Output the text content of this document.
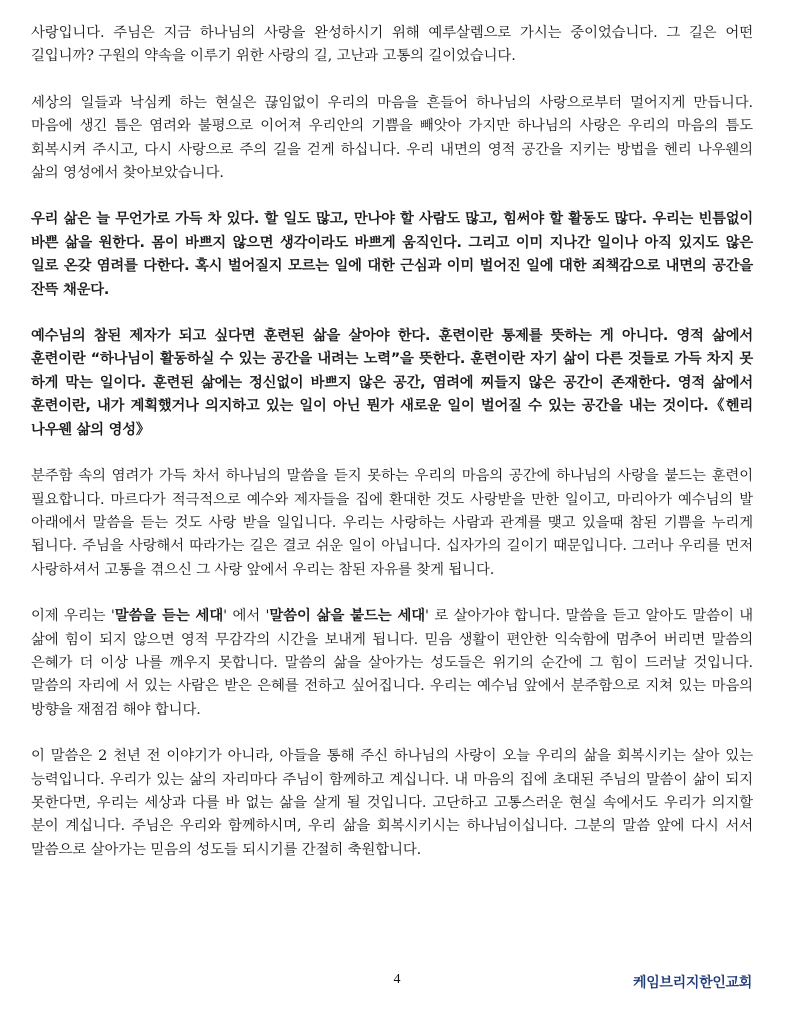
사랑입니다. 주님은 지금 하나님의 사랑을 완성하시기 위해 예루살렘으로 가시는 중이었습니다. 그 길은 어떤 길입니까? 구원의 약속을 이루기 위한 사랑의 길, 고난과 고통의 길이었습니다.

세상의 일들과 낙심케 하는 현실은 끊임없이 우리의 마음을 흔들어 하나님의 사랑으로부터 멀어지게 만듭니다. 마음에 생긴 틈은 염려와 불평으로 이어져 우리안의 기쁨을 빼앗아 가지만 하나님의 사랑은 우리의 마음의 틈도 회복시켜 주시고, 다시 사랑으로 주의 길을 걷게 하십니다. 우리 내면의 영적 공간을 지키는 방법을 헨리 나우웬의 삶의 영성에서 찾아보았습니다.

우리 삶은 늘 무언가로 가득 차 있다. 할 일도 많고, 만나야 할 사람도 많고, 힘써야 할 활동도 많다. 우리는 빈틈없이 바쁜 삶을 원한다. 몸이 바쁘지 않으면 생각이라도 바쁘게 움직인다. 그리고 이미 지나간 일이나 아직 있지도 않은 일로 온갖 염려를 다한다. 혹시 벌어질지 모르는 일에 대한 근심과 이미 벌어진 일에 대한 죄책감으로 내면의 공간을 잔뜩 채운다.

예수님의 참된 제자가 되고 싶다면 훈련된 삶을 살아야 한다. 훈련이란 통제를 뜻하는 게 아니다. 영적 삶에서 훈련이란 “하나님이 활동하실 수 있는 공간을 내려는 노력”을 뜻한다. 훈련이란 자기 삶이 다른 것들로 가득 차지 못 하게 막는 일이다. 훈련된 삶에는 정신없이 바쁘지 않은 공간, 염려에 찌들지 않은 공간이 존재한다. 영적 삶에서 훈련이란, 내가 계획했거나 의지하고 있는 일이 아닌 뭔가 새로운 일이 벌어질 수 있는 공간을 내는 것이다.《헨리 나우웬 삶의 영성》

분주함 속의 염려가 가득 차서 하나님의 말씀을 듣지 못하는 우리의 마음의 공간에 하나님의 사랑을 붙드는 훈련이 필요합니다. 마르다가 적극적으로 예수와 제자들을 집에 환대한 것도 사랑받을 만한 일이고, 마리아가 예수님의 발 아래에서 말씀을 듣는 것도 사랑 받을 일입니다. 우리는 사랑하는 사람과 관계를 맺고 있을때 참된 기쁨을 누리게 됩니다. 주님을 사랑해서 따라가는 길은 결코 쉬운 일이 아닙니다. 십자가의 길이기 때문입니다. 그러나 우리를 먼저 사랑하셔서 고통을 겪으신 그 사랑 앞에서 우리는 참된 자유를 찾게 됩니다.

이제 우리는 '말씀을 듣는 세대' 에서 '말씀이 삶을 붙드는 세대' 로 살아가야 합니다. 말씀을 듣고 알아도 말씀이 내 삶에 힘이 되지 않으면 영적 무감각의 시간을 보내게 됩니다. 믿음 생활이 편안한 익숙함에 멈추어 버리면 말씀의 은혜가 더 이상 나를 깨우지 못합니다. 말씀의 삶을 살아가는 성도들은 위기의 순간에 그 힘이 드러날 것입니다. 말씀의 자리에 서 있는 사람은 받은 은혜를 전하고 싶어집니다. 우리는 예수님 앞에서 분주함으로 지쳐 있는 마음의 방향을 재점검 해야 합니다.

이 말씀은 2 천년 전 이야기가 아니라, 아들을 통해 주신 하나님의 사랑이 오늘 우리의 삶을 회복시키는 살아 있는 능력입니다. 우리가 있는 삶의 자리마다 주님이 함께하고 계십니다. 내 마음의 집에 초대된 주님의 말씀이 삶이 되지 못한다면, 우리는 세상과 다를 바 없는 삶을 살게 될 것입니다. 고단하고 고통스러운 현실 속에서도 우리가 의지할 분이 계십니다. 주님은 우리와 함께하시며, 우리 삶을 회복시키시는 하나님이십니다. 그분의 말씀 앞에 다시 서서 말씀으로 살아가는 믿음의 성도들 되시기를 간절히 축원합니다.

4	케임브리지한인교회
